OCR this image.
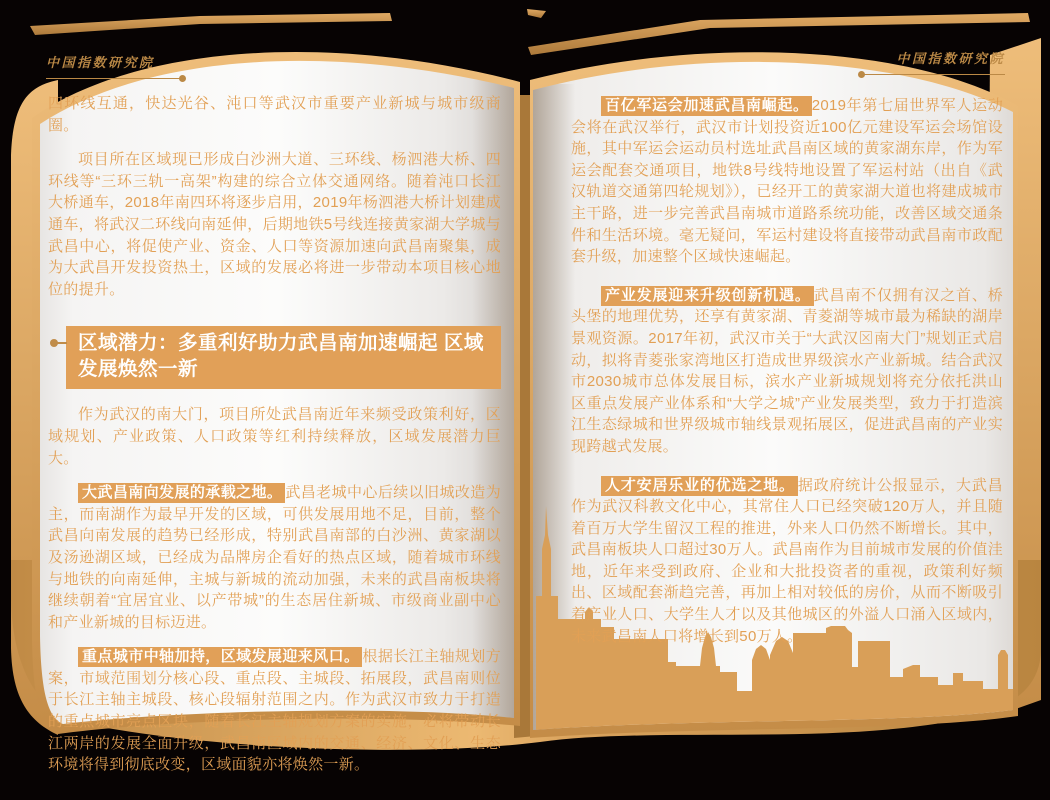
中国指数研究院	中国指数研究院

四环线互通，快达光谷、沌口等武汉市重要产业新城与城市级商圈。

项目所在区域现已形成白沙洲大道、三环线、杨泗港大桥、四环线等“三环三轨一高架”构建的综合立体交通网络。随着沌口长江大桥通车，2018年南四环将逐步启用，2019年杨泗港大桥计划建成通车，将武汉二环线向南延伸，后期地铁5号线连接黄家湖大学城与武昌中心，将促使产业、资金、人口等资源加速向武昌南聚集，成为大武昌开发投资热土，区域的发展必将进一步带动本项目核心地位的提升。

区域潜力：多重利好助力武昌南加速崛起 区域发展焕然一新

作为武汉的南大门，项目所处武昌南近年来频受政策利好，区域规划、产业政策、人口政策等红利持续释放，区域发展潜力巨大。

大武昌南向发展的承载之地。 武昌老城中心后续以旧城改造为主，而南湖作为最早开发的区域，可供发展用地不足，目前，整个武昌向南发展的趋势已经形成，特别武昌南部的白沙洲、黄家湖以及汤逊湖区域，已经成为品牌房企看好的热点区域，随着城市环线与地铁的向南延伸，主城与新城的流动加强，未来的武昌南板块将继续朝着“宜居宜业、以产带城”的生态居住新城、市级商业副中心和产业新城的目标迈进。

重点城市中轴加持，区域发展迎来风口。 根据长江主轴规划方案，市域范围划分核心段、重点段、主城段、拓展段，武昌南则位于长江主轴主城段、核心段辐射范围之内。作为武汉市致力于打造的重点城市亮点区块，随着长江主轴规划方案的实施，必将带动长江两岸的发展全面升级，武昌南区域内的交通、经济、文化、生态环境将得到彻底改变，区域面貌亦将焕然一新。

百亿军运会加速武昌南崛起。 2019年第七届世界军人运动会将在武汉举行，武汉市计划投资近100亿元建设军运会场馆设施，其中军运会运动员村选址武昌南区域的黄家湖东岸，作为军运会配套交通项目，地铁8号线特地设置了军运村站（出自《武汉轨道交通第四轮规划》），已经开工的黄家湖大道也将建成城市主干路，进一步完善武昌南城市道路系统功能，改善区域交通条件和生活环境。毫无疑问，军运村建设将直接带动武昌南市政配套升级，加速整个区域快速崛起。

产业发展迎来升级创新机遇。 武昌南不仅拥有汉之首、桥头堡的地理优势，还享有黄家湖、青菱湖等城市最为稀缺的湖岸景观资源。2017年初，武汉市关于“大武汉⊠南大门”规划正式启动，拟将青菱张家湾地区打造成世界级滨水产业新城。结合武汉市2030城市总体发展目标，滨水产业新城规划将充分依托洪山区重点发展产业体系和“大学之城”产业发展类型，致力于打造滨江生态绿城和世界级城市轴线景观拓展区，促进武昌南的产业实现跨越式发展。

人才安居乐业的优选之地。 据政府统计公报显示，大武昌作为武汉科教文化中心，其常住人口已经突破120万人，并且随着百万大学生留汉工程的推进，外来人口仍然不断增长。其中，武昌南板块人口超过30万人。武昌南作为目前城市发展的价值洼地，近年来受到政府、企业和大批投资者的重视，政策利好频出、区域配套渐趋完善，再加上相对较低的房价，从而不断吸引着产业人口、大学生人才以及其他城区的外溢人口涌入区域内，未来武昌南人口将增长到50万人。
